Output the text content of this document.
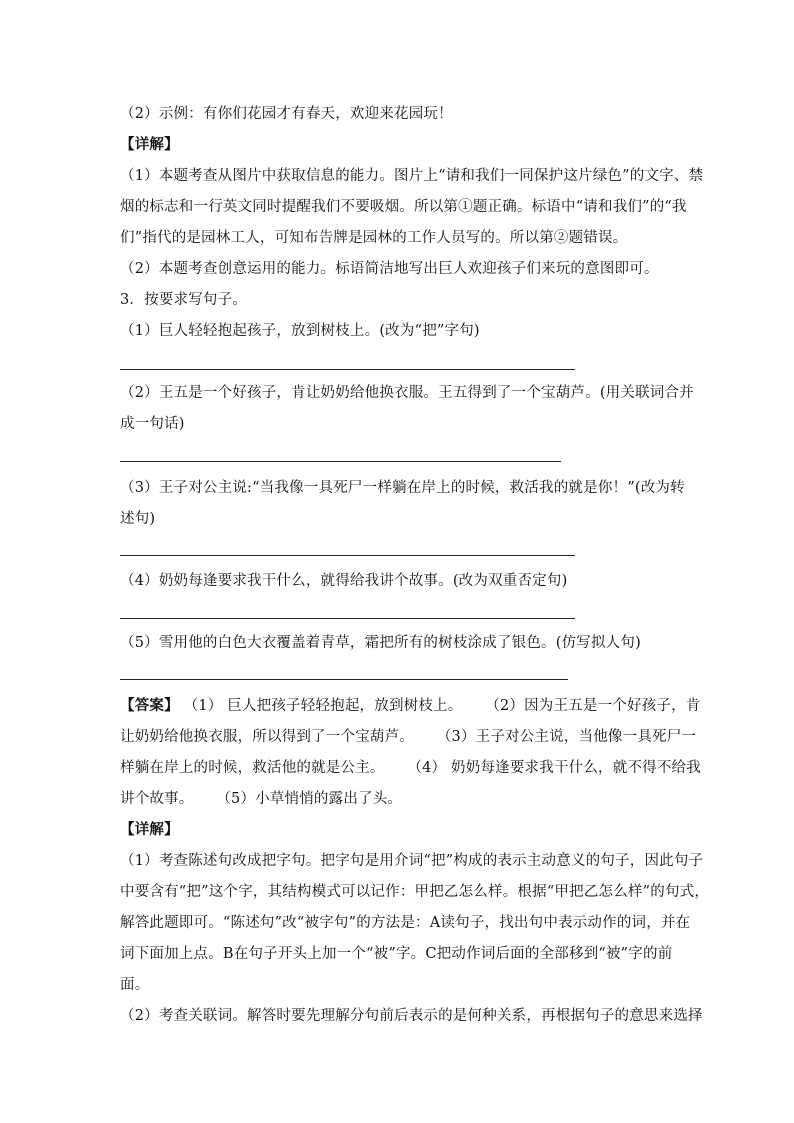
（2）示例：有你们花园才有春天，欢迎来花园玩！
【详解】
（1）本题考查从图片中获取信息的能力。图片上“请和我们一同保护这片绿色”的文字、禁
烟的标志和一行英文同时提醒我们不要吸烟。所以第①题正确。标语中“请和我们”的“我
们”指代的是园林工人，可知布告牌是园林的工作人员写的。所以第②题错误。
（2）本题考查创意运用的能力。标语简洁地写出巨人欢迎孩子们来玩的意图即可。
3．按要求写句子。
（1）巨人轻轻抱起孩子，放到树枝上。(改为“把”字句)
（2）王五是一个好孩子，肯让奶奶给他换衣服。王五得到了一个宝葫芦。(用关联词合并
成一句话)
（3）王子对公主说:“当我像一具死尸一样躺在岸上的时候，救活我的就是你！”(改为转
述句)
（4）奶奶每逢要求我干什么，就得给我讲个故事。(改为双重否定句)
（5）雪用他的白色大衣覆盖着青草，霜把所有的树枝涂成了银色。(仿写拟人句)
【答案】 （1） 巨人把孩子轻轻抱起，放到树枝上。 （2）因为王五是一个好孩子，肯
让奶奶给他换衣服，所以得到了一个宝葫芦。 （3）王子对公主说，当他像一具死尸一
样躺在岸上的时候，救活他的就是公主。 （4） 奶奶每逢要求我干什么，就不得不给我
讲个故事。 （5）小草悄悄的露出了头。
【详解】
（1）考查陈述句改成把字句。把字句是用介词“把”构成的表示主动意义的句子，因此句子
中要含有“把”这个字，其结构模式可以记作：甲把乙怎么样。根据“甲把乙怎么样”的句式，
解答此题即可。“陈述句”改“被字句”的方法是：A读句子，找出句中表示动作的词，并在
词下面加上点。B在句子开头上加一个“被”字。C把动作词后面的全部移到“被”字的前
面。
（2）考查关联词。解答时要先理解分句前后表示的是何种关系，再根据句子的意思来选择
